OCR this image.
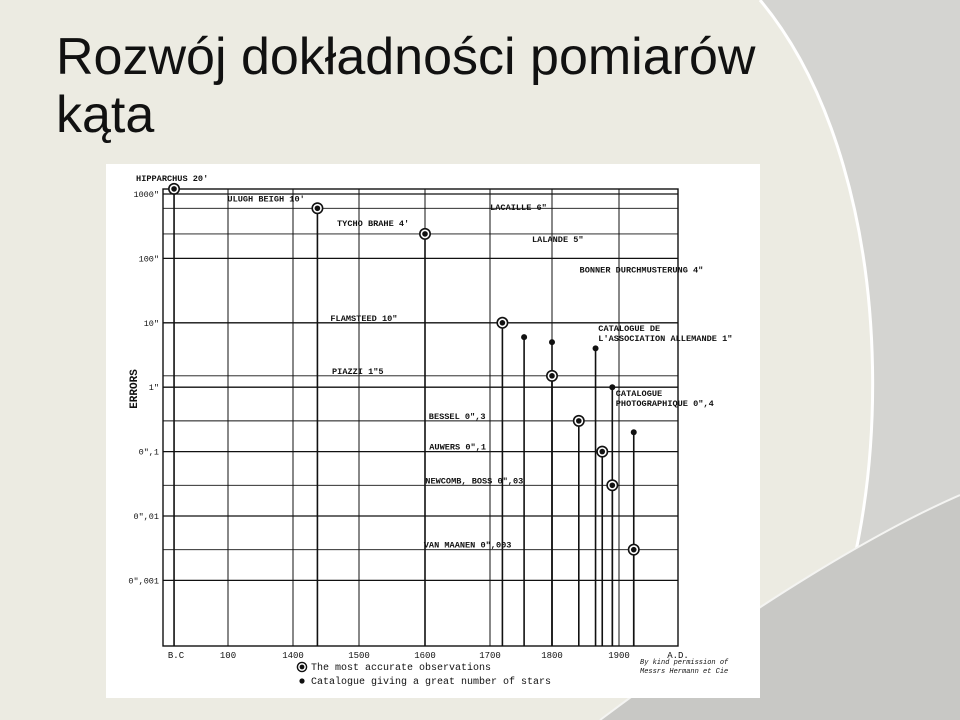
Rozwój dokładności pomiarów
kąta
1000"
100"
10"
1"
0",1
0",01
0",001
B.C	100	1400	1500	1600	1700	1800	1900	A.D.
ERRORS
HIPPARCHUS 20'
ULUGH BEIGH 10'
TYCHO BRAHE 4'
FLAMSTEED 10"
LACAILLE 6"
LALANDE 5"
PIAZZI 1"5
BESSEL 0",3
BONNER DURCHMUSTERUNG 4"
AUWERS 0",1
CATALOGUE DE L'ASSOCIATION ALLEMANDE 1"
NEWCOMB, BOSS 0",03
CATALOGUE PHOTOGRAPHIQUE 0",4
VAN MAANEN 0",003
The most accurate observations
Catalogue giving a great number of stars
By kind permission of
Messrs Hermann et Cie
